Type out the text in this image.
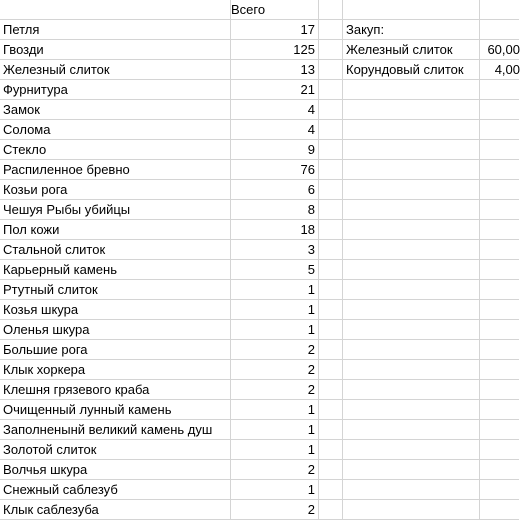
Всего
Петля	17	Закуп:
Гвозди	125	Железный слиток	60,00
Железный слиток	13	Корундовый слиток	4,00
Фурнитура	21
Замок	4
Солома	4
Стекло	9
Распиленное бревно	76
Козьи рога	6
Чешуя Рыбы убийцы	8
Пол кожи	18
Стальной слиток	3
Карьерный камень	5
Ртутный слиток	1
Козья шкура	1
Оленья шкура	1
Большие рога	2
Клык хоркера	2
Клешня грязевого краба	2
Очищенный лунный камень	1
Заполненынй великий камень душ	1
Золотой слиток	1
Волчья шкура	2
Снежный саблезуб	1
Клык саблезуба	2
